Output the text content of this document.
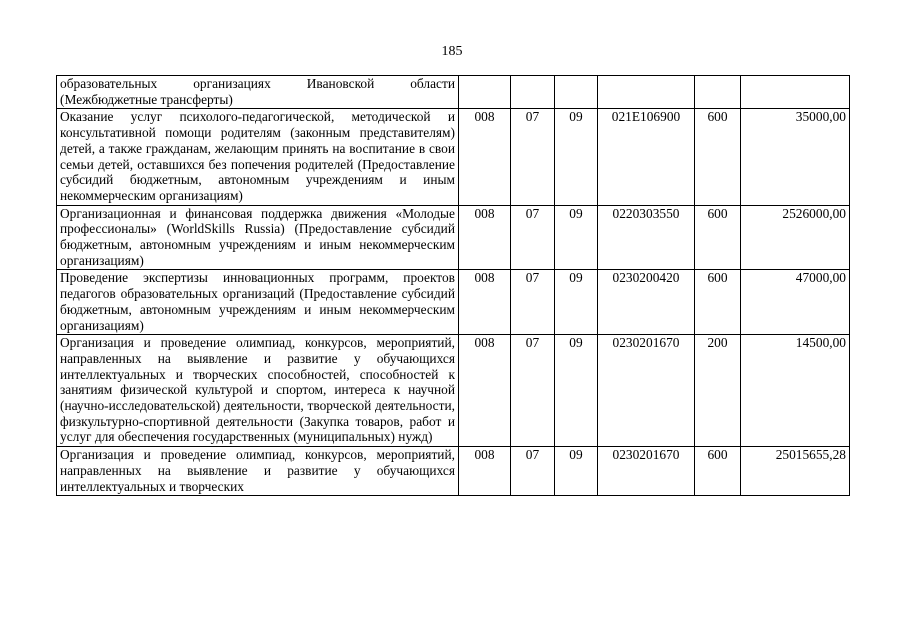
185
образовательных организациях Ивановской области (Межбюджетные трансферты)						
Оказание услуг психолого-педагогической, методической и консультативной помощи родителям (законным представителям) детей, а также гражданам, желающим принять на воспитание в свои семьи детей, оставшихся без попечения родителей (Предоставление субсидий бюджетным, автономным учреждениям и иным некоммерческим организациям)	008	07	09	021E106900	600	35000,00
Организационная и финансовая поддержка движения «Молодые профессионалы» (WorldSkills Russia) (Предоставление субсидий бюджетным, автономным учреждениям и иным некоммерческим организациям)	008	07	09	0220303550	600	2526000,00
Проведение экспертизы инновационных программ, проектов педагогов образовательных организаций (Предоставление субсидий бюджетным, автономным учреждениям и иным некоммерческим организациям)	008	07	09	0230200420	600	47000,00
Организация и проведение олимпиад, конкурсов, мероприятий, направленных на выявление и развитие у обучающихся интеллектуальных и творческих способностей, способностей к занятиям физической культурой и спортом, интереса к научной (научно-исследовательской) деятельности, творческой деятельности, физкультурно-спортивной деятельности (Закупка товаров, работ и услуг для обеспечения государственных (муниципальных) нужд)	008	07	09	0230201670	200	14500,00
Организация и проведение олимпиад, конкурсов, мероприятий, направленных на выявление и развитие у обучающихся интеллектуальных и творческих	008	07	09	0230201670	600	25015655,28
